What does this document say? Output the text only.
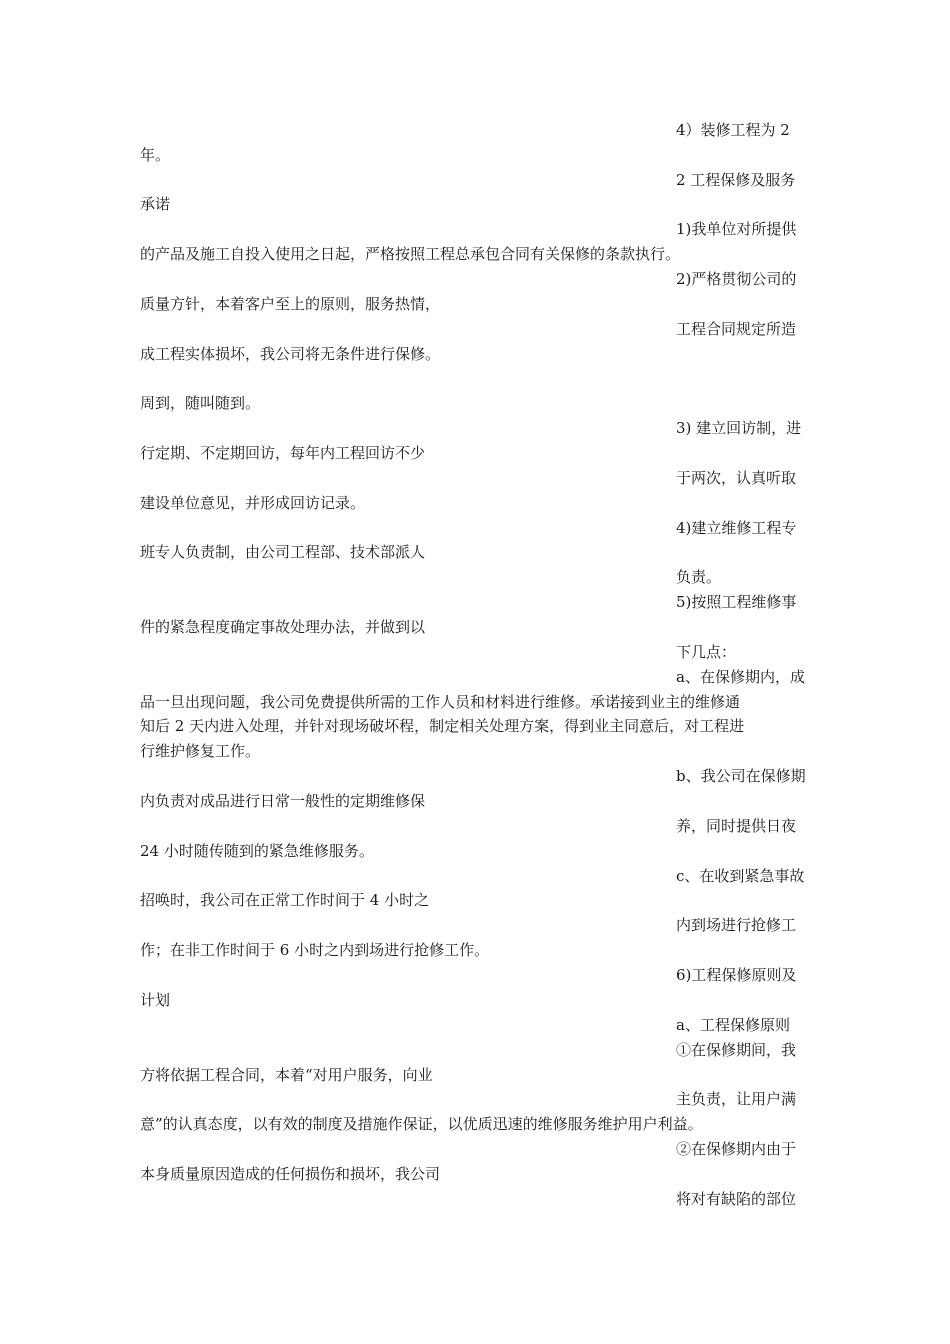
4）装修工程为 2
年。
2 工程保修及服务
承诺
1)我单位对所提供
的产品及施工自投入使用之日起，严格按照工程总承包合同有关保修的条款执行。
2)严格贯彻公司的
质量方针，本着客户至上的原则，服务热情，
工程合同规定所造
成工程实体损坏，我公司将无条件进行保修。
周到，随叫随到。
3) 建立回访制，进
行定期、不定期回访，每年内工程回访不少
于两次，认真听取
建设单位意见，并形成回访记录。
4)建立维修工程专
班专人负责制，由公司工程部、技术部派人
负责。
5)按照工程维修事
件的紧急程度确定事故处理办法，并做到以
下几点：
a、在保修期内，成
品一旦出现问题，我公司免费提供所需的工作人员和材料进行维修。承诺接到业主的维修通
知后 2 天内进入处理，并针对现场破坏程，制定相关处理方案，得到业主同意后，对工程进
行维护修复工作。
b、我公司在保修期
内负责对成品进行日常一般性的定期维修保
养，同时提供日夜
24 小时随传随到的紧急维修服务。
c、在收到紧急事故
招唤时，我公司在正常工作时间于 4 小时之
内到场进行抢修工
作；在非工作时间于 6 小时之内到场进行抢修工作。
6)工程保修原则及
计划
a、工程保修原则
①在保修期间，我
方将依据工程合同，本着“对用户服务，向业
主负责，让用户满
意”的认真态度，以有效的制度及措施作保证，以优质迅速的维修服务维护用户利益。
②在保修期内由于
本身质量原因造成的任何损伤和损坏，我公司
将对有缺陷的部位
